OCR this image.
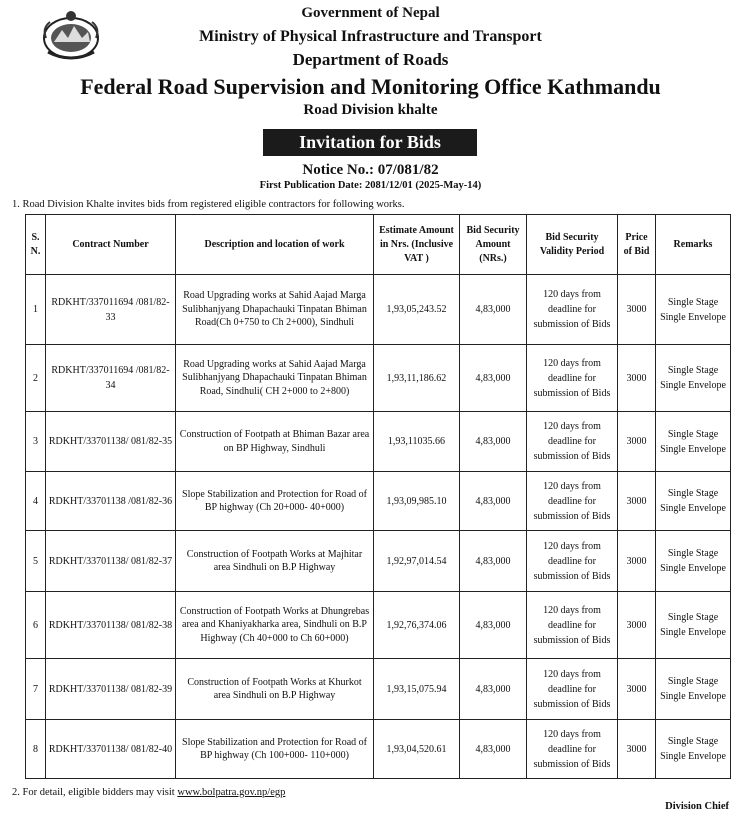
Government of Nepal
Ministry of Physical Infrastructure and Transport
Department of Roads
Federal Road Supervision and Monitoring Office Kathmandu
Road Division khalte
Invitation for Bids
Notice No.: 07/081/82
First Publication Date: 2081/12/01 (2025-May-14)
1. Road Division Khalte invites bids from registered eligible contractors for following works.
S. N.	Contract Number	Description and location of work	Estimate Amount in Nrs. (Inclusive VAT )	Bid Security Amount (NRs.)	Bid Security Validity Period	Price of Bid	Remarks
1	RDKHT/337011694 /081/82-33	Road Upgrading works at Sahid Aajad Marga Sulibhanjyang Dhapachauki Tinpatan Bhiman Road(Ch 0+750 to Ch 2+000), Sindhuli	1,93,05,243.52	4,83,000	120 days from deadline for submission of Bids	3000	Single Stage Single Envelope
2	RDKHT/337011694 /081/82-34	Road Upgrading works at Sahid Aajad Marga Sulibhanjyang Dhapachauki Tinpatan Bhiman Road, Sindhuli( CH 2+000 to 2+800)	1,93,11,186.62	4,83,000	120 days from deadline for submission of Bids	3000	Single Stage Single Envelope
3	RDKHT/33701138/ 081/82-35	Construction of Footpath at Bhiman Bazar area on BP Highway, Sindhuli	1,93,11035.66	4,83,000	120 days from deadline for submission of Bids	3000	Single Stage Single Envelope
4	RDKHT/33701138 /081/82-36	Slope Stabilization and Protection for Road of BP highway (Ch 20+000- 40+000)	1,93,09,985.10	4,83,000	120 days from deadline for submission of Bids	3000	Single Stage Single Envelope
5	RDKHT/33701138/ 081/82-37	Construction of Footpath Works at Majhitar area Sindhuli on B.P Highway	1,92,97,014.54	4,83,000	120 days from deadline for submission of Bids	3000	Single Stage Single Envelope
6	RDKHT/33701138/ 081/82-38	Construction of Footpath Works at Dhungrebas area and Khaniyakharka area, Sindhuli on B.P Highway (Ch 40+000 to Ch 60+000)	1,92,76,374.06	4,83,000	120 days from deadline for submission of Bids	3000	Single Stage Single Envelope
7	RDKHT/33701138/ 081/82-39	Construction of Footpath Works at Khurkot area Sindhuli on B.P Highway	1,93,15,075.94	4,83,000	120 days from deadline for submission of Bids	3000	Single Stage Single Envelope
8	RDKHT/33701138/ 081/82-40	Slope Stabilization and Protection for Road of BP highway (Ch 100+000- 110+000)	1,93,04,520.61	4,83,000	120 days from deadline for submission of Bids	3000	Single Stage Single Envelope
2. For detail, eligible bidders may visit www.bolpatra.gov.np/egp
Division Chief
